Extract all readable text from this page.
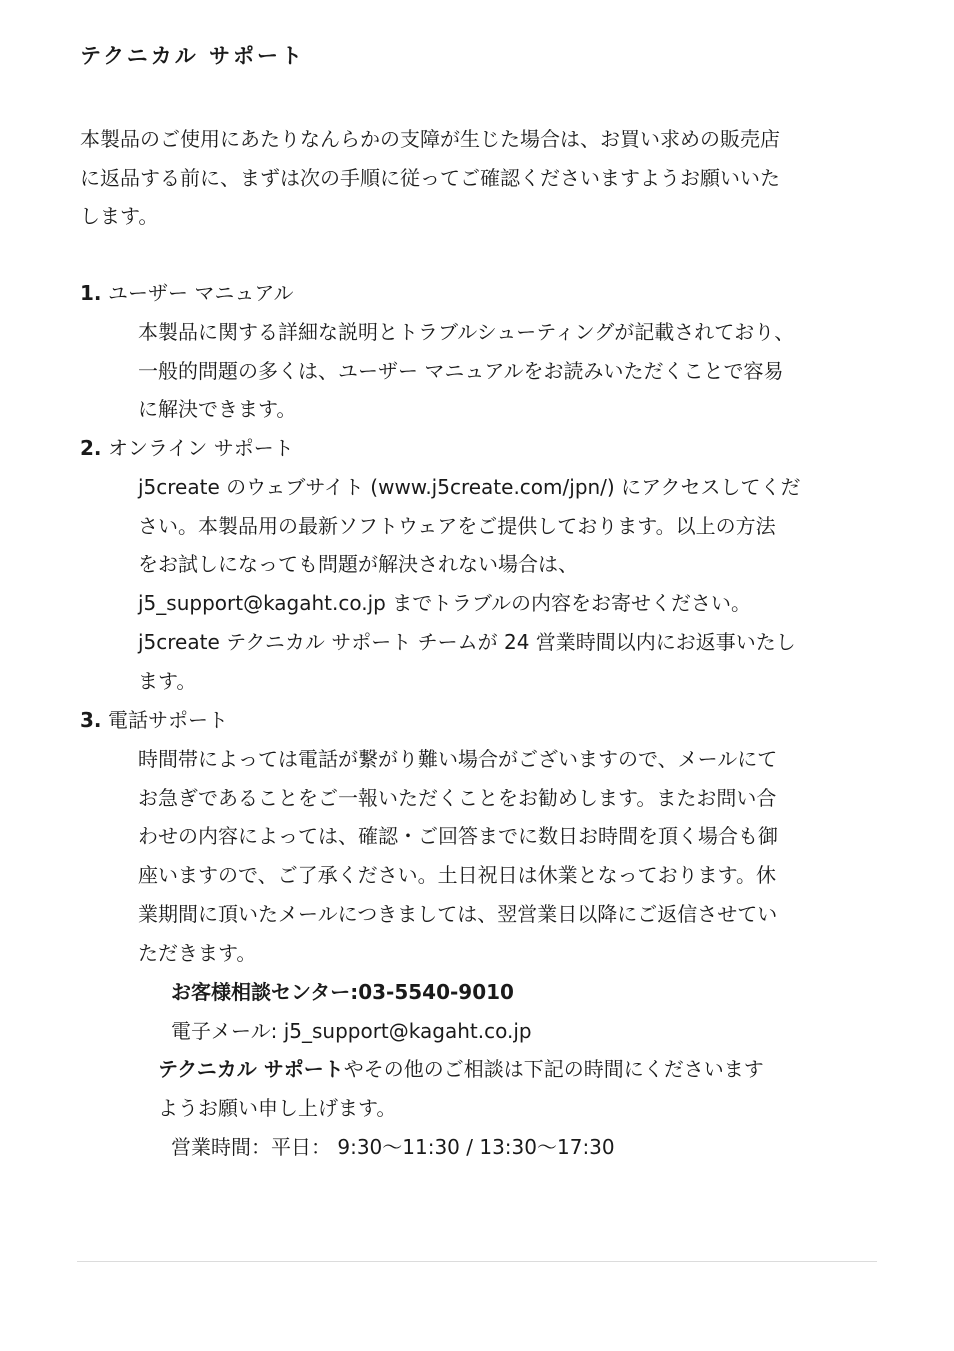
テクニカル サポート

本製品のご使用にあたりなんらかの支障が生じた場合は、お買い求めの販売店
に返品する前に、まずは次の手順に従ってご確認くださいますようお願いいた
します。

1. ユーザー マニュアル
本製品に関する詳細な説明とトラブルシューティングが記載されており、
一般的問題の多くは、ユーザー マニュアルをお読みいただくことで容易
に解決できます。
2. オンライン サポート
j5create のウェブサイト (www.j5create.com/jpn/) にアクセスしてくだ
さい。本製品用の最新ソフトウェアをご提供しております。以上の方法
をお試しになっても問題が解決されない場合は、
j5_support@kagaht.co.jp までトラブルの内容をお寄せください。
j5create テクニカル サポート チームが 24 営業時間以内にお返事いたし
ます。
3. 電話サポート
時間帯によっては電話が繋がり難い場合がございますので、メールにて
お急ぎであることをご一報いただくことをお勧めします。またお問い合
わせの内容によっては、確認・ご回答までに数日お時間を頂く場合も御
座いますので、ご了承ください。土日祝日は休業となっております。休
業期間に頂いたメールにつきましては、翌営業日以降にご返信させてい
ただきます。
お客様相談センター:03-5540-9010
電子メール: j5_support@kagaht.co.jp
テクニカル サポートやその他のご相談は下記の時間にくださいます
ようお願い申し上げます。
営業時間：平日： 9:30～11:30 / 13:30～17:30
